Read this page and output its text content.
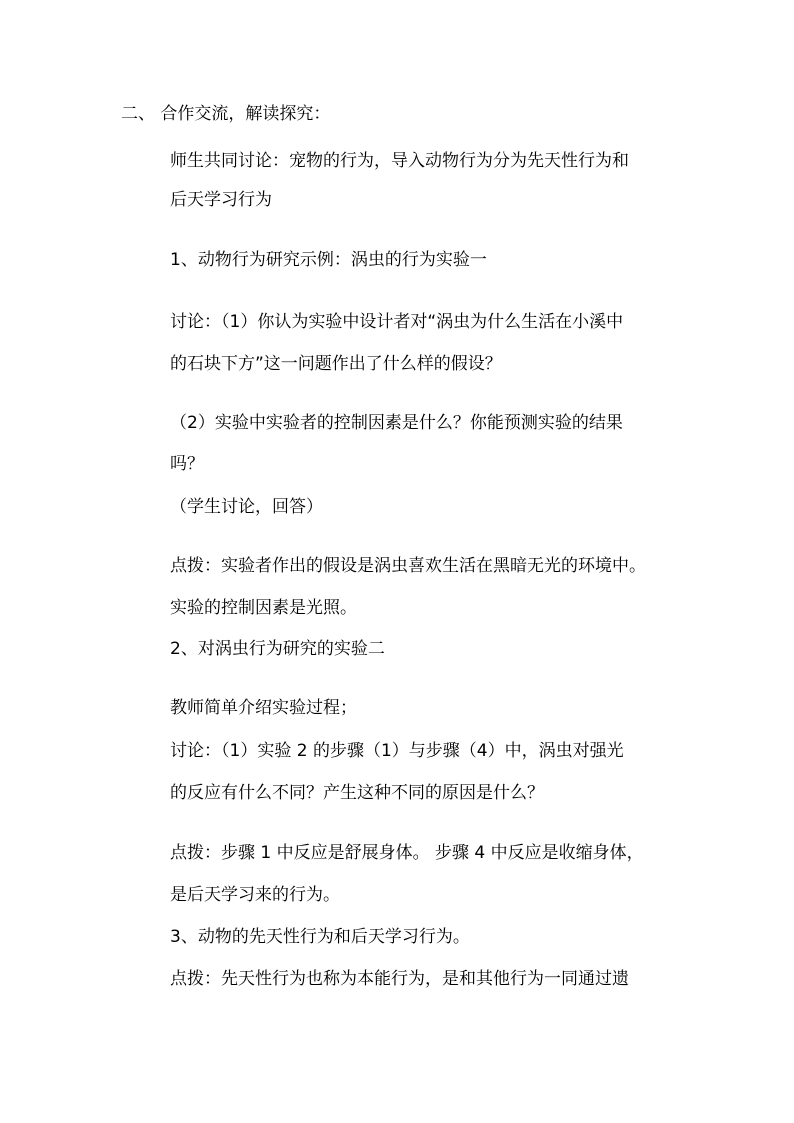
二、 合作交流，解读探究：
师生共同讨论：宠物的行为，导入动物行为分为先天性行为和
后天学习行为
1、动物行为研究示例：涡虫的行为实验一
讨论：（1）你认为实验中设计者对“涡虫为什么生活在小溪中
的石块下方”这一问题作出了什么样的假设？
（2）实验中实验者的控制因素是什么？你能预测实验的结果
吗？
（学生讨论，回答）
点拨：实验者作出的假设是涡虫喜欢生活在黑暗无光的环境中。
实验的控制因素是光照。
2、对涡虫行为研究的实验二
教师简单介绍实验过程；
讨论：（1）实验 2 的步骤（1）与步骤（4）中，涡虫对强光
的反应有什么不同？产生这种不同的原因是什么？
点拨：步骤 1 中反应是舒展身体。 步骤 4 中反应是收缩身体，
是后天学习来的行为。
3、动物的先天性行为和后天学习行为。
点拨：先天性行为也称为本能行为，是和其他行为一同通过遗
